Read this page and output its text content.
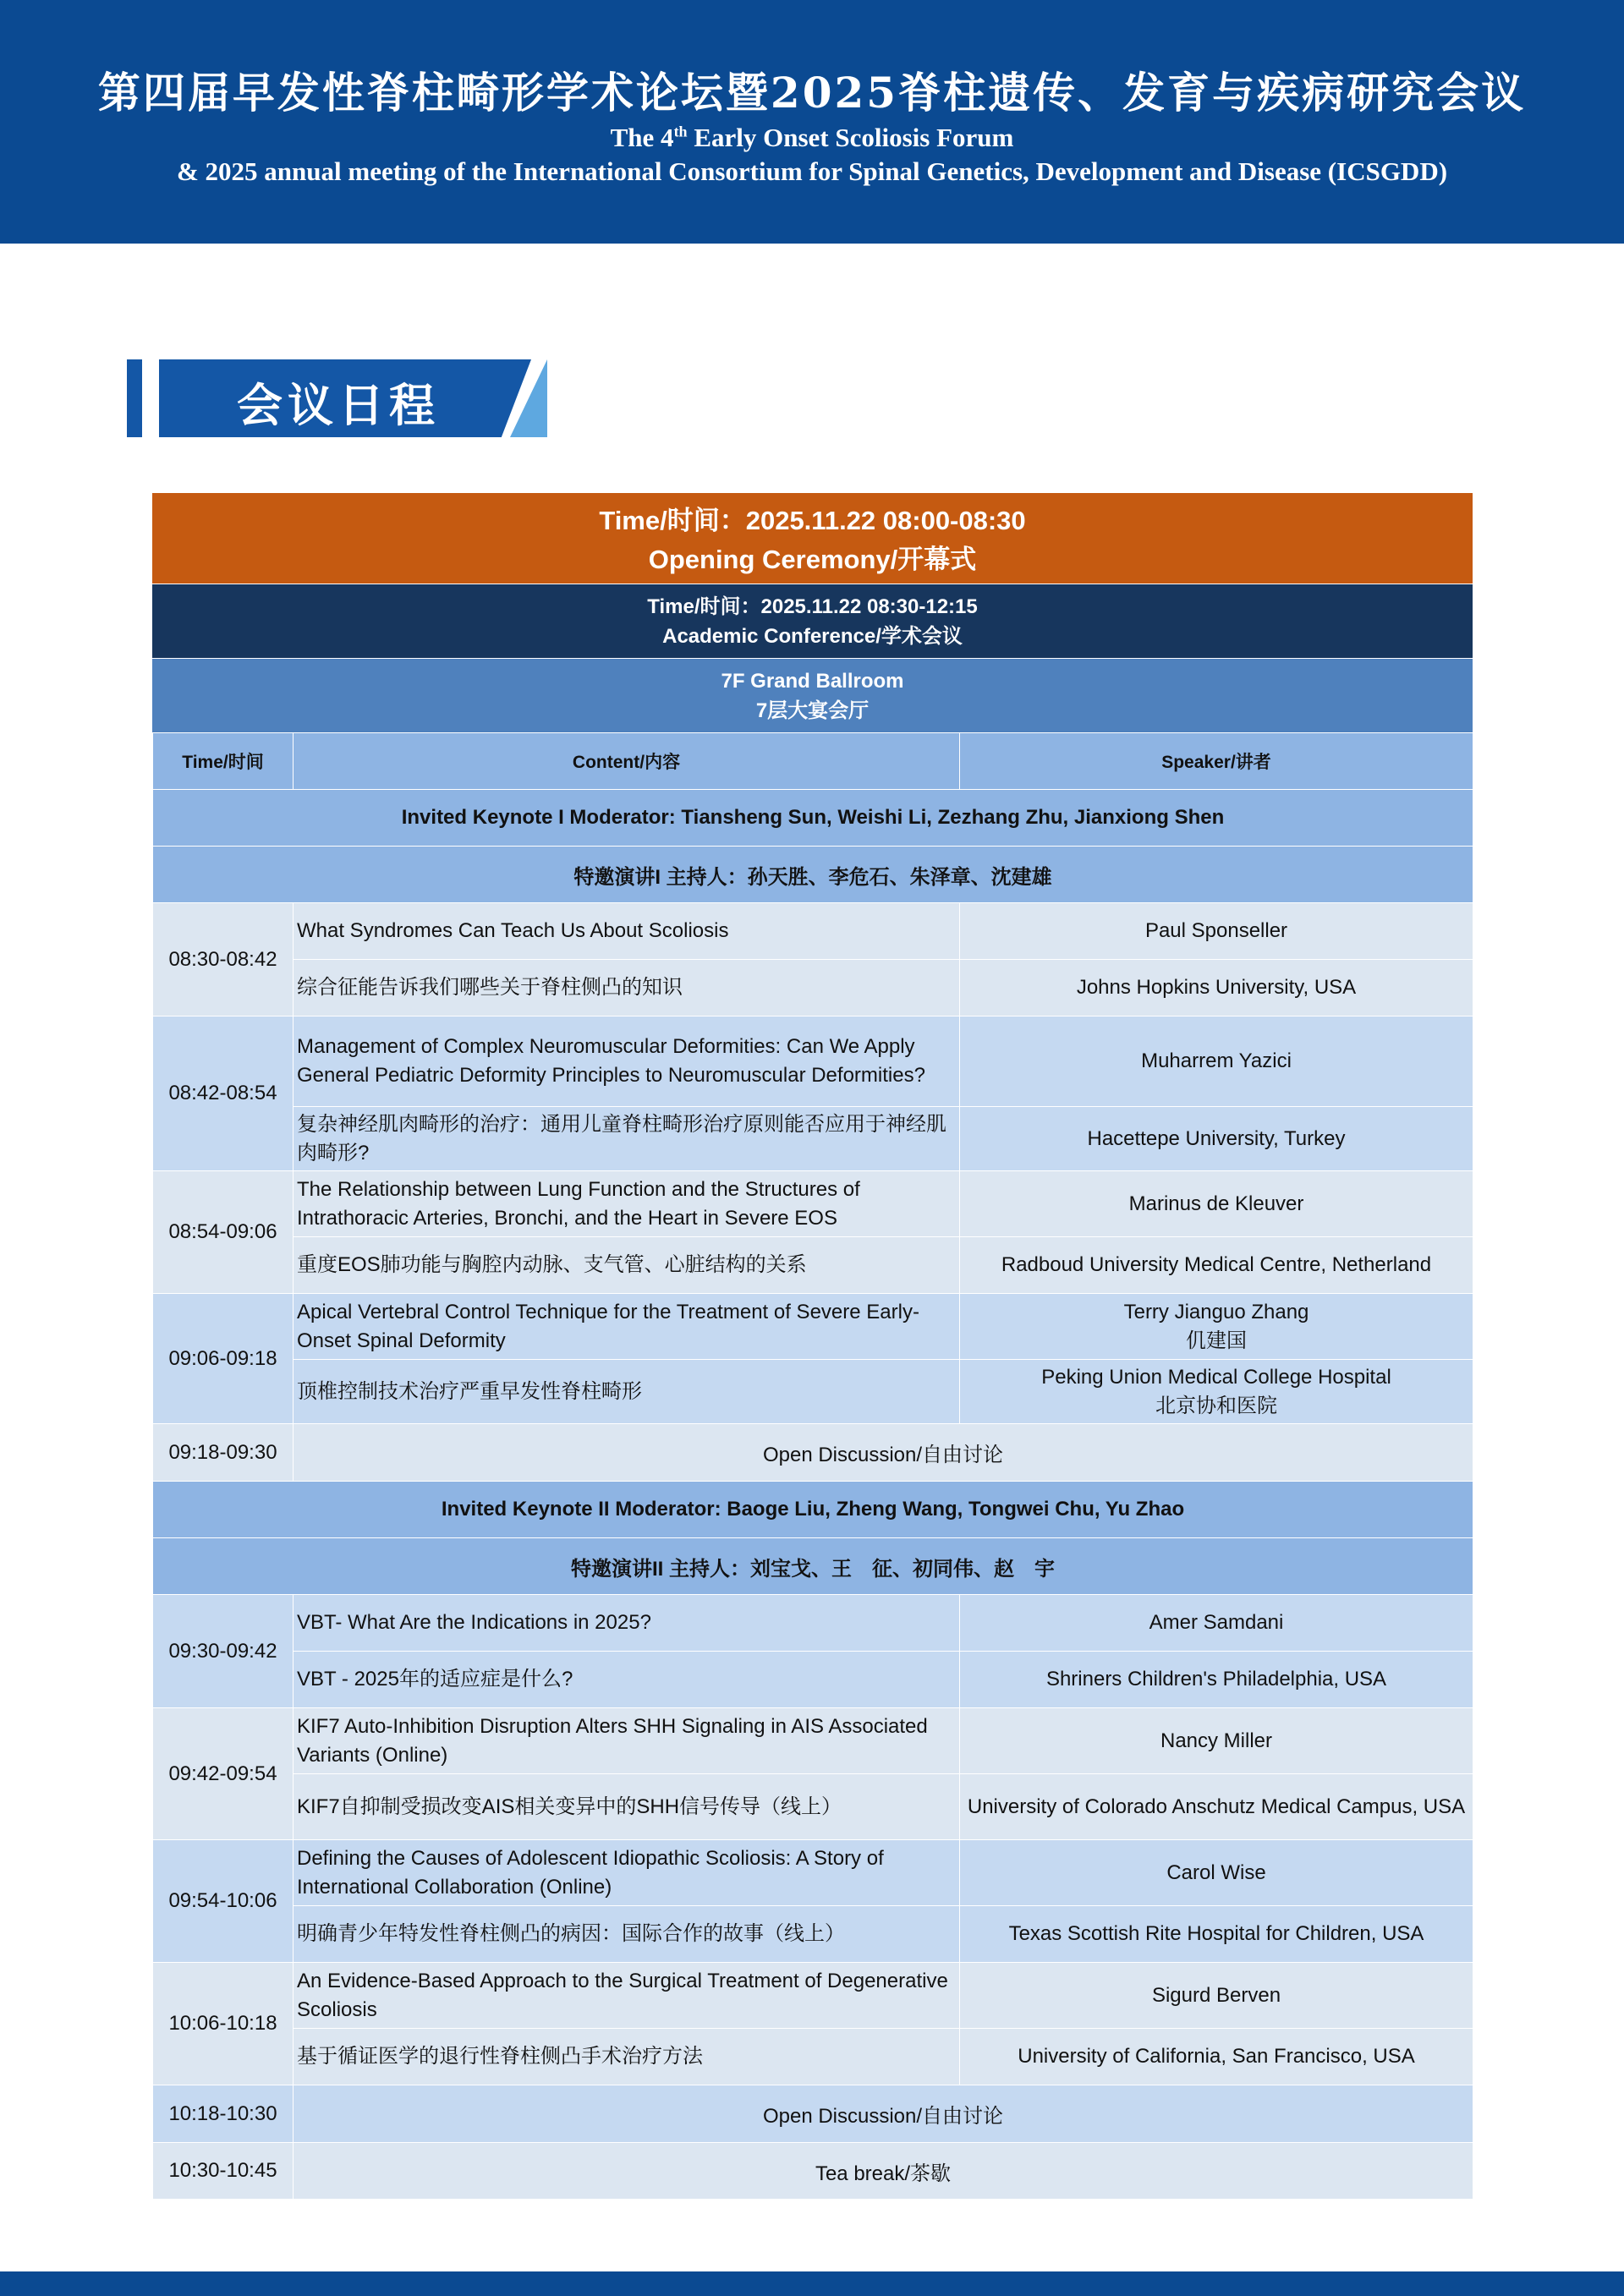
第四届早发性脊柱畸形学术论坛暨2025脊柱遗传、发育与疾病研究会议
The 4th Early Onset Scoliosis Forum
& 2025 annual meeting of the International Consortium for Spinal Genetics, Development and Disease (ICSGDD)
会议日程
Time/时间：2025.11.22 08:00-08:30
Opening Ceremony/开幕式
Time/时间：2025.11.22 08:30-12:15
Academic Conference/学术会议
7F Grand Ballroom
7层大宴会厅
Time/时间	Content/内容	Speaker/讲者
Invited Keynote I Moderator: Tiansheng Sun, Weishi Li, Zezhang Zhu, Jianxiong Shen		
特邀演讲I 主持人：孙天胜、李危石、朱泽章、沈建雄		
08:30-08:42	What Syndromes Can Teach Us About Scoliosis	Paul Sponseller
	综合征能告诉我们哪些关于脊柱侧凸的知识	Johns Hopkins University, USA
08:42-08:54	Management of Complex Neuromuscular Deformities: Can We Apply General Pediatric Deformity Principles to Neuromuscular Deformities?	Muharrem Yazici
	复杂神经肌肉畸形的治疗：通用儿童脊柱畸形治疗原则能否应用于神经肌肉畸形?	Hacettepe University, Turkey
08:54-09:06	The Relationship between Lung Function and the Structures of Intrathoracic Arteries, Bronchi, and the Heart in Severe EOS	Marinus de Kleuver
	重度EOS肺功能与胸腔内动脉、支气管、心脏结构的关系	Radboud University Medical Centre, Netherland
09:06-09:18	Apical Vertebral Control Technique for the Treatment of Severe Early-Onset Spinal Deformity	Terry Jianguo Zhang
仉建国

	顶椎控制技术治疗严重早发性脊柱畸形	Peking Union Medical College Hospital
北京协和医院

09:18-09:30	Open Discussion/自由讨论	
Invited Keynote II Moderator: Baoge Liu, Zheng Wang, Tongwei Chu, Yu Zhao		
特邀演讲II 主持人：刘宝戈、王　征、初同伟、赵　宇		
09:30-09:42	VBT- What Are the Indications in 2025?	Amer Samdani
	VBT - 2025年的适应症是什么?	Shriners Children's Philadelphia, USA
09:42-09:54	KIF7 Auto-Inhibition Disruption Alters SHH Signaling in AIS Associated Variants (Online)	Nancy Miller
	KIF7自抑制受损改变AIS相关变异中的SHH信号传导（线上）	University of Colorado Anschutz Medical Campus, USA
09:54-10:06	Defining the Causes of Adolescent Idiopathic Scoliosis: A Story of International Collaboration (Online)	Carol Wise
	明确青少年特发性脊柱侧凸的病因：国际合作的故事（线上）	Texas Scottish Rite Hospital for Children, USA
10:06-10:18	An Evidence-Based Approach to the Surgical Treatment of Degenerative Scoliosis	Sigurd Berven
	基于循证医学的退行性脊柱侧凸手术治疗方法	University of California, San Francisco, USA
10:18-10:30	Open Discussion/自由讨论	
10:30-10:45	Tea break/茶歇	
